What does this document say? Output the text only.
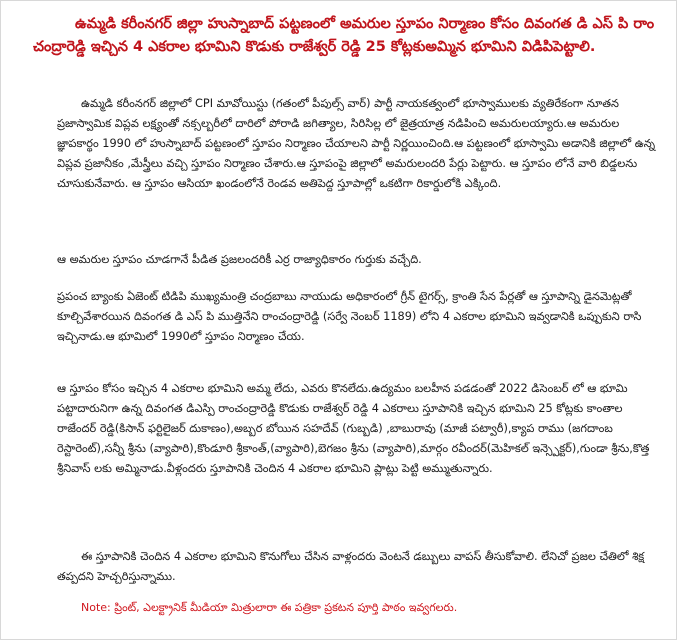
ఉమ్మడి కరీంనగర్ జిల్లా హుస్నాబాద్ పట్టణంలో అమరుల స్తూపం నిర్మాణం కోసం దివంగత డి ఎస్ పి రాం చంద్రారెడ్డి ఇచ్చిన 4 ఎకరాల భూమిని కొడుకు రాజేశ్వర్ రెడ్డి 25 కోట్లకుఅమ్మిన భూమిని విడిపిపెట్టాలి.

ఉమ్మడి కరీంనగర్ జిల్లాలో CPI మావోయిస్టు (గతంలో పీపుల్స్ వార్) పార్టీ నాయకత్వంలో భూస్వాములకు వ్యతిరేకంగా నూతన ప్రజాస్వామిక విప్లవ లక్ష్యంతో నక్సల్బరీలో దారిలో పోరాడి జగిత్యాల, సిరిసిల్ల లో జైత్రయాత్ర నడిపించి అమరులయ్యారు.ఆ అమరుల జ్ఞాపకార్థం 1990 లో హుస్నాబాద్ పట్టణంలో స్తూపం నిర్మాణం చేయాలని పార్టీ నిర్ణయించింది.ఆ పట్టణంలో భూస్వామి అడానికి జిల్లాలో ఉన్న విప్లవ ప్రజానీకం ,మేస్త్రీలు వచ్చి స్తూపం నిర్మాణం చేశారు.ఆ స్తూపంపై జిల్లాలో అమరులందరి పేర్లు పెట్టారు. ఆ స్తూపం లోనే వారి బిడ్డలను చూసుకునేవారు. ఆ స్తూపం ఆసియా ఖండంలోనే రెండవ అతిపెద్ద స్తూపాల్లో ఒకటిగా రికార్డులోకి ఎక్కింది.

ఆ అమరుల స్తూపం చూడగానే పీడిత ప్రజలందరికీ ఎర్ర రాజ్యాధికారం గుర్తుకు వచ్చేది.

ప్రపంచ బ్యాంకు ఏజెంట్ టిడిపి ముఖ్యమంత్రి చంద్రబాబు నాయుడు అధికారంలో గ్రీన్ టైగర్స్, క్రాంతి సేన పేర్లతో ఆ స్తూపాన్ని డైనమెట్లతో కూల్చివేశారయిన దివంగత డి ఎస్ పి ముత్తినేని రాంచంద్రారెడ్డి (సర్వే నెంబర్ 1189) లోని 4 ఎకరాల భూమిని ఇవ్వడానికి ఒప్పుకుని రాసి ఇచ్చినాడు.ఆ భూమిలో 1990లో స్తూపం నిర్మాణం చేయ.

ఆ స్తూపం కోసం ఇచ్చిన 4 ఎకరాల భూమిని అమ్మ లేదు, ఎవరు కొనలేదు.ఉద్యమం బలహీన పడడంతో 2022 డిసెంబర్ లో ఆ భూమి పట్టాదారునిగా ఉన్న దివంగత డిఎస్పి రాంచంద్రారెడ్డి కొడుకు రాజేశ్వర్ రెడ్డి 4 ఎకరాలు స్తూపానికి ఇచ్చిన భూమిని 25 కోట్లకు కాంతాల రాజేందర్ రెడ్డి(కిసాన్ ఫర్టిలైజర్ దుకాణం),అబ్బర బోయిన సహదేవ్ (గుబ్బడి) ,బాబురావు (మాజీ పట్వారీ),క్యాప రాము (జగదాంబ రెస్టారెంట్),సన్నీ శ్రీను (వ్యాపారి),కొండూరి శ్రీకాంత్,(వ్యాపారి),బెగజం శ్రీను (వ్యాపారి),మార్గం రవీందర్(మెహికల్ ఇన్స్పెక్టర్),గుండా శ్రీను,కొత్త శ్రీనివాస్ లకు అమ్మినాడు.వీళ్లందరు స్తూపానికి చెందిన 4 ఎకరాల భూమిని ప్లాట్లు పెట్టి అమ్ముతున్నారు.

ఈ స్తూపానికి చెందిన 4 ఎకరాల భూమిని కొనుగోలు చేసిన వాళ్లందరు వెంటనే డబ్బులు వాపస్ తీసుకోవాలి. లేనిచో ప్రజల చేతిలో శిక్ష తప్పదని హెచ్చరిస్తున్నాము.

Note: ప్రింట్, ఎలక్ట్రానిక్ మీడియా మిత్రులారా ఈ పత్రికా ప్రకటన పూర్తి పాఠం ఇవ్వగలరు.
